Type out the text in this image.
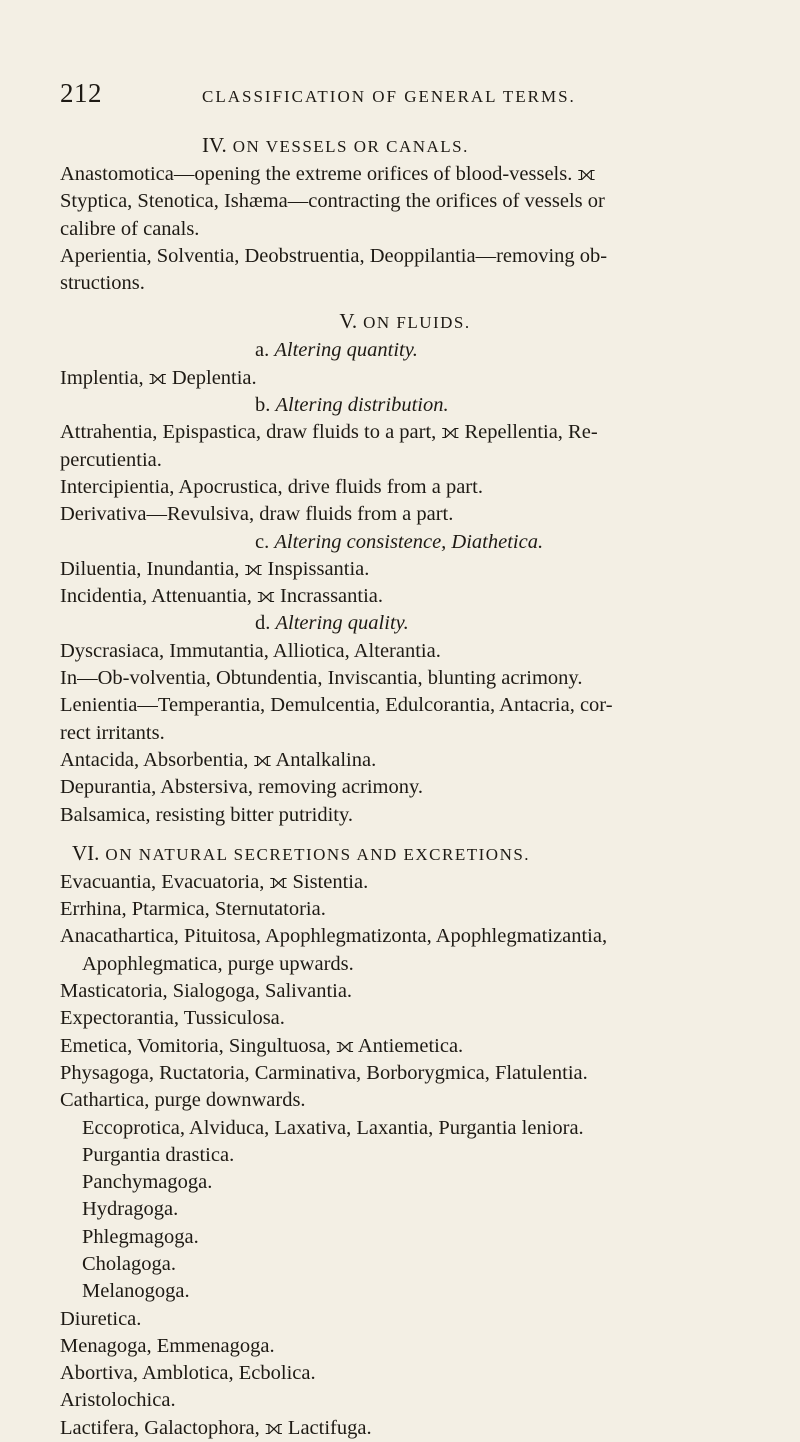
212	CLASSIFICATION OF GENERAL TERMS.

IV. ON VESSELS OR CANALS.

Anastomotica—opening the extreme orifices of blood-vessels. ⟗

Styptica, Stenotica, Ishæma—contracting the orifices of vessels or

calibre of canals.

Aperientia, Solventia, Deobstruentia, Deoppilantia—removing ob-

structions.

V. ON FLUIDS.

a. Altering quantity.

Implentia, ⟗ Deplentia.

b. Altering distribution.

Attrahentia, Epispastica, draw fluids to a part, ⟗ Repellentia, Re-

percutientia.

Intercipientia, Apocrustica, drive fluids from a part.

Derivativa—Revulsiva, draw fluids from a part.

c. Altering consistence, Diathetica.

Diluentia, Inundantia, ⟗ Inspissantia.

Incidentia, Attenuantia, ⟗ Incrassantia.

d. Altering quality.

Dyscrasiaca, Immutantia, Alliotica, Alterantia.

In—Ob-volventia, Obtundentia, Inviscantia, blunting acrimony.

Lenientia—Temperantia, Demulcentia, Edulcorantia, Antacria, cor-

rect irritants.

Antacida, Absorbentia, ⟗ Antalkalina.

Depurantia, Abstersiva, removing acrimony.

Balsamica, resisting bitter putridity.

VI. ON NATURAL SECRETIONS AND EXCRETIONS.

Evacuantia, Evacuatoria, ⟗ Sistentia.

Errhina, Ptarmica, Sternutatoria.

Anacathartica, Pituitosa, Apophlegmatizonta, Apophlegmatizantia,

Apophlegmatica, purge upwards.

Masticatoria, Sialogoga, Salivantia.

Expectorantia, Tussiculosa.

Emetica, Vomitoria, Singultuosa, ⟗ Antiemetica.

Physagoga, Ructatoria, Carminativa, Borborygmica, Flatulentia.

Cathartica, purge downwards.

Eccoprotica, Alviduca, Laxativa, Laxantia, Purgantia leniora.

Purgantia drastica.

Panchymagoga.

Hydragoga.

Phlegmagoga.

Cholagoga.

Melanogoga.

Diuretica.

Menagoga, Emmenagoga.

Abortiva, Amblotica, Ecbolica.

Aristolochica.

Lactifera, Galactophora, ⟗ Lactifuga.
